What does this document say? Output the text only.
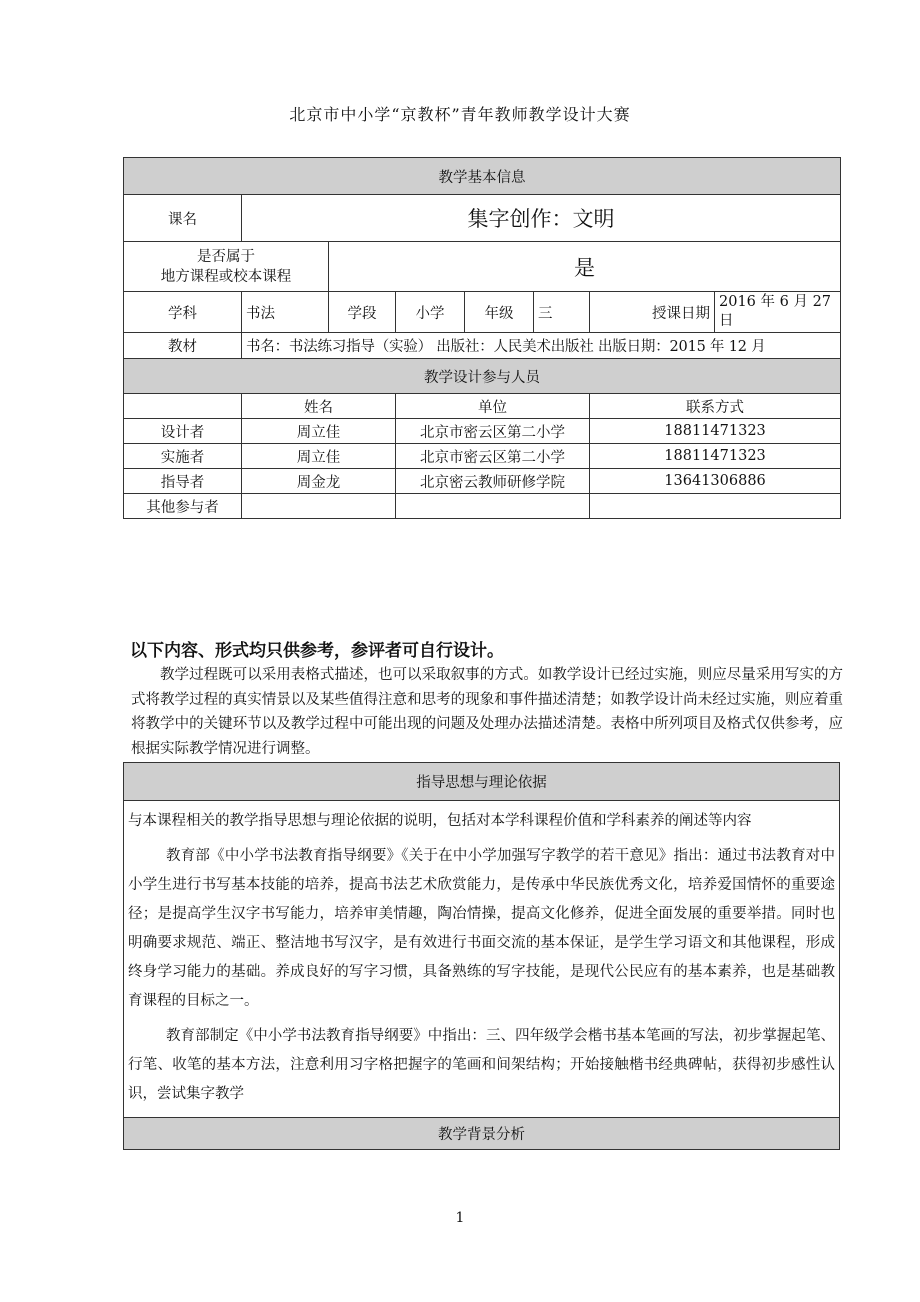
北京市中小学“京教杯”青年教师教学设计大赛
教学基本信息							
课名	集字创作：文明						

是否属于
地方课程或校本课程		是					
学科	书法	学段	小学	年级	三	授课日期	2016 年 6 月 27 日
教材	书名：书法练习指导（实验） 出版社：人民美术出版社 出版日期：2015 年 12 月						
教学设计参与人员							
	姓名		单位			联系方式	
设计者	周立佳		北京市密云区第二小学			18811471323	
实施者	周立佳		北京市密云区第二小学			18811471323	
指导者	周金龙		北京密云教师研修学院			13641306886	
其他参与者							
以下内容、形式均只供参考，参评者可自行设计。
教学过程既可以采用表格式描述，也可以采取叙事的方式。如教学设计已经过实施，则应尽量采用写实的方式将教学过程的真实情景以及某些值得注意和思考的现象和事件描述清楚；如教学设计尚未经过实施，则应着重将教学中的关键环节以及教学过程中可能出现的问题及处理办法描述清楚。表格中所列项目及格式仅供参考，应根据实际教学情况进行调整。
指导思想与理论依据

与本课程相关的教学指导思想与理论依据的说明，包括对本学科课程价值和学科素养的阐述等内容
教育部《中小学书法教育指导纲要》《关于在中小学加强写字教学的若干意见》指出：通过书法教育对中小学生进行书写基本技能的培养，提高书法艺术欣赏能力，是传承中华民族优秀文化，培养爱国情怀的重要途径；是提高学生汉字书写能力，培养审美情趣，陶冶情操，提高文化修养，促进全面发展的重要举措。同时也明确要求规范、端正、整洁地书写汉字，是有效进行书面交流的基本保证，是学生学习语文和其他课程，形成终身学习能力的基础。养成良好的写字习惯，具备熟练的写字技能，是现代公民应有的基本素养，也是基础教育课程的目标之一。
教育部制定《中小学书法教育指导纲要》中指出：三、四年级学会楷书基本笔画的写法，初步掌握起笔、行笔、收笔的基本方法，注意利用习字格把握字的笔画和间架结构；开始接触楷书经典碑帖，获得初步感性认识，尝试集字教学

教学背景分析
1
